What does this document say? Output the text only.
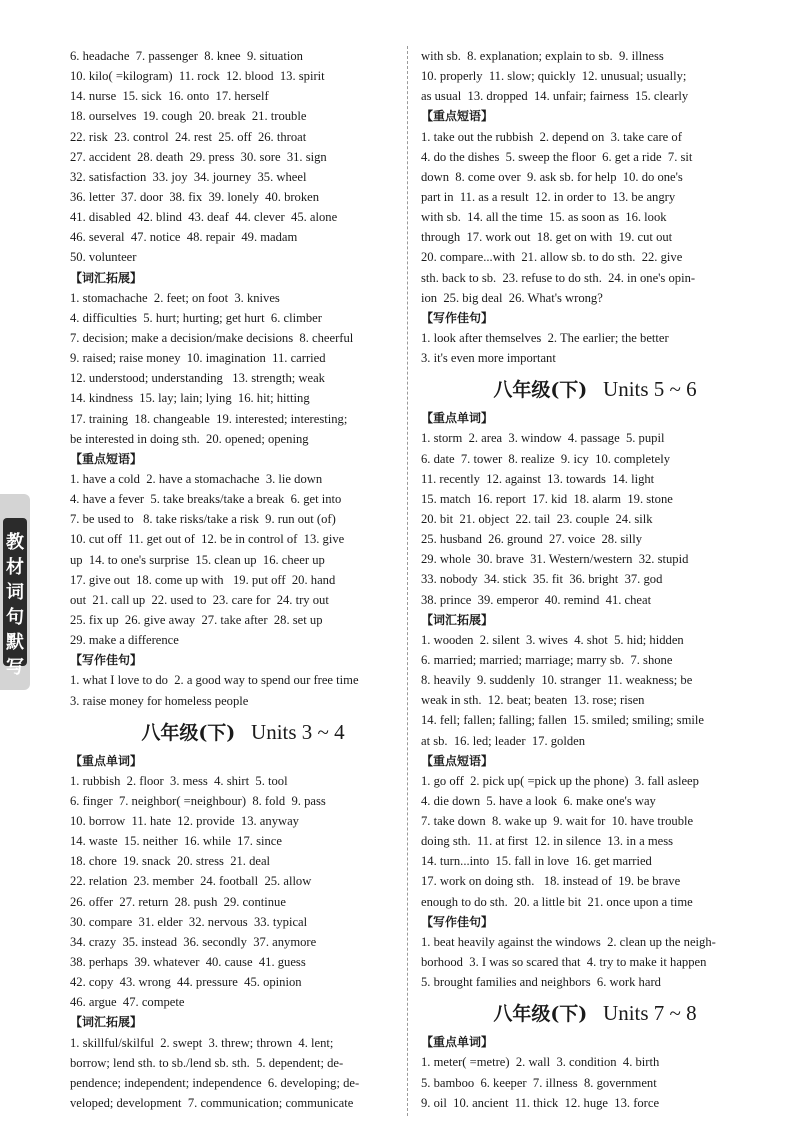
教材词句默写
6. headache  7. passenger  8. knee  9. situation
10. kilo( =kilogram)  11. rock  12. blood  13. spirit
14. nurse  15. sick  16. onto  17. herself
18. ourselves  19. cough  20. break  21. trouble
22. risk  23. control  24. rest  25. off  26. throat
27. accident  28. death  29. press  30. sore  31. sign
32. satisfaction  33. joy  34. journey  35. wheel
36. letter  37. door  38. fix  39. lonely  40. broken
41. disabled  42. blind  43. deaf  44. clever  45. alone
46. several  47. notice  48. repair  49. madam
50. volunteer
【词汇拓展】
1. stomachache  2. feet; on foot  3. knives
4. difficulties  5. hurt; hurting; get hurt  6. climber
7. decision; make a decision/make decisions  8. cheerful
9. raised; raise money  10. imagination  11. carried
12. understood; understanding   13. strength; weak
14. kindness  15. lay; lain; lying  16. hit; hitting
17. training  18. changeable  19. interested; interesting;
be interested in doing sth.  20. opened; opening
【重点短语】
1. have a cold  2. have a stomachache  3. lie down
4. have a fever  5. take breaks/take a break  6. get into
7. be used to   8. take risks/take a risk  9. run out (of)
10. cut off  11. get out of  12. be in control of  13. give
up  14. to one's surprise  15. clean up  16. cheer up
17. give out  18. come up with   19. put off  20. hand
out  21. call up  22. used to  23. care for  24. try out
25. fix up  26. give away  27. take after  28. set up
29. make a difference
【写作佳句】
1. what I love to do  2. a good way to spend our free time
3. raise money for homeless people
八年级(下) Units 3 ~ 4
【重点单词】
1. rubbish  2. floor  3. mess  4. shirt  5. tool
6. finger  7. neighbor( =neighbour)  8. fold  9. pass
10. borrow  11. hate  12. provide  13. anyway
14. waste  15. neither  16. while  17. since
18. chore  19. snack  20. stress  21. deal
22. relation  23. member  24. football  25. allow
26. offer  27. return  28. push  29. continue
30. compare  31. elder  32. nervous  33. typical
34. crazy  35. instead  36. secondly  37. anymore
38. perhaps  39. whatever  40. cause  41. guess
42. copy  43. wrong  44. pressure  45. opinion
46. argue  47. compete
【词汇拓展】
1. skillful/skilful  2. swept  3. threw; thrown  4. lent;
borrow; lend sth. to sb./lend sb. sth.  5. dependent; de-
pendence; independent; independence  6. developing; de-
veloped; development  7. communication; communicate
with sb.  8. explanation; explain to sb.  9. illness
10. properly  11. slow; quickly  12. unusual; usually;
as usual  13. dropped  14. unfair; fairness  15. clearly
【重点短语】
1. take out the rubbish  2. depend on  3. take care of
4. do the dishes  5. sweep the floor  6. get a ride  7. sit
down  8. come over  9. ask sb. for help  10. do one's
part in  11. as a result  12. in order to  13. be angry
with sb.  14. all the time  15. as soon as  16. look
through  17. work out  18. get on with  19. cut out
20. compare...with  21. allow sb. to do sth.  22. give
sth. back to sb.  23. refuse to do sth.  24. in one's opin-
ion  25. big deal  26. What's wrong?
【写作佳句】
1. look after themselves  2. The earlier; the better
3. it's even more important
八年级(下) Units 5 ~ 6
【重点单词】
1. storm  2. area  3. window  4. passage  5. pupil
6. date  7. tower  8. realize  9. icy  10. completely
11. recently  12. against  13. towards  14. light
15. match  16. report  17. kid  18. alarm  19. stone
20. bit  21. object  22. tail  23. couple  24. silk
25. husband  26. ground  27. voice  28. silly
29. whole  30. brave  31. Western/western  32. stupid
33. nobody  34. stick  35. fit  36. bright  37. god
38. prince  39. emperor  40. remind  41. cheat
【词汇拓展】
1. wooden  2. silent  3. wives  4. shot  5. hid; hidden
6. married; married; marriage; marry sb.  7. shone
8. heavily  9. suddenly  10. stranger  11. weakness; be
weak in sth.  12. beat; beaten  13. rose; risen
14. fell; fallen; falling; fallen  15. smiled; smiling; smile
at sb.  16. led; leader  17. golden
【重点短语】
1. go off  2. pick up( =pick up the phone)  3. fall asleep
4. die down  5. have a look  6. make one's way
7. take down  8. wake up  9. wait for  10. have trouble
doing sth.  11. at first  12. in silence  13. in a mess
14. turn...into  15. fall in love  16. get married
17. work on doing sth.   18. instead of  19. be brave
enough to do sth.  20. a little bit  21. once upon a time
【写作佳句】
1. beat heavily against the windows  2. clean up the neigh-
borhood  3. I was so scared that  4. try to make it happen
5. brought families and neighbors  6. work hard
八年级(下) Units 7 ~ 8
【重点单词】
1. meter( =metre)  2. wall  3. condition  4. birth
5. bamboo  6. keeper  7. illness  8. government
9. oil  10. ancient  11. thick  12. huge  13. force
